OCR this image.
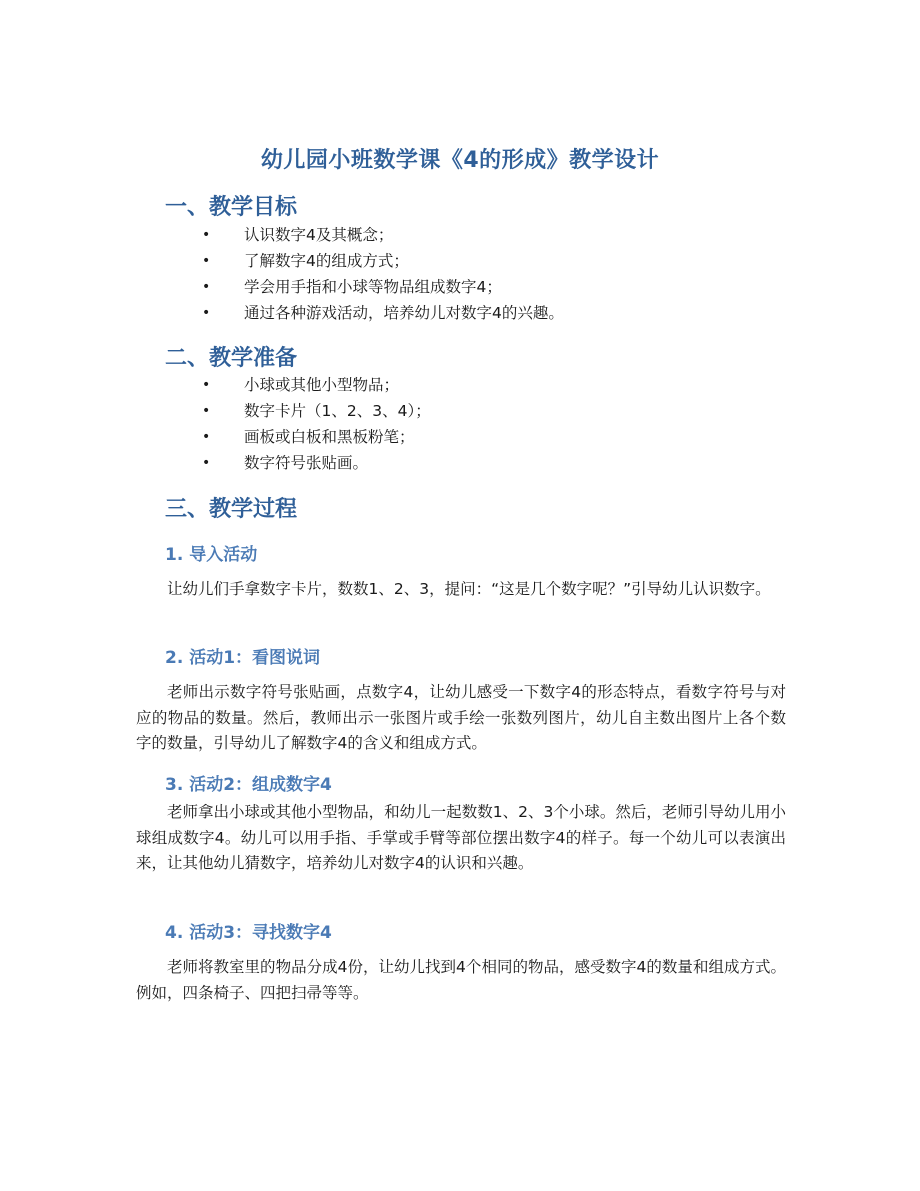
幼儿园小班数学课《4的形成》教学设计
一、教学目标
• 认识数字4及其概念；
• 了解数字4的组成方式；
• 学会用手指和小球等物品组成数字4；
• 通过各种游戏活动，培养幼儿对数字4的兴趣。
二、教学准备
• 小球或其他小型物品；
• 数字卡片（1、2、3、4）；
• 画板或白板和黑板粉笔；
• 数字符号张贴画。
三、教学过程
1. 导入活动

让幼儿们手拿数字卡片，数数1、2、3，提问：“这是几个数字呢？”引导幼儿认识数字。

2. 活动1：看图说词

老师出示数字符号张贴画，点数字4，让幼儿感受一下数字4的形态特点，看数字符号与对应的物品的数量。然后，教师出示一张图片或手绘一张数列图片，幼儿自主数出图片上各个数字的数量，引导幼儿了解数字4的含义和组成方式。

3. 活动2：组成数字4

老师拿出小球或其他小型物品，和幼儿一起数数1、2、3个小球。然后，老师引导幼儿用小球组成数字4。幼儿可以用手指、手掌或手臂等部位摆出数字4的样子。每一个幼儿可以表演出来，让其他幼儿猜数字，培养幼儿对数字4的认识和兴趣。

4. 活动3：寻找数字4

老师将教室里的物品分成4份，让幼儿找到4个相同的物品，感受数字4的数量和组成方式。例如，四条椅子、四把扫帚等等。
